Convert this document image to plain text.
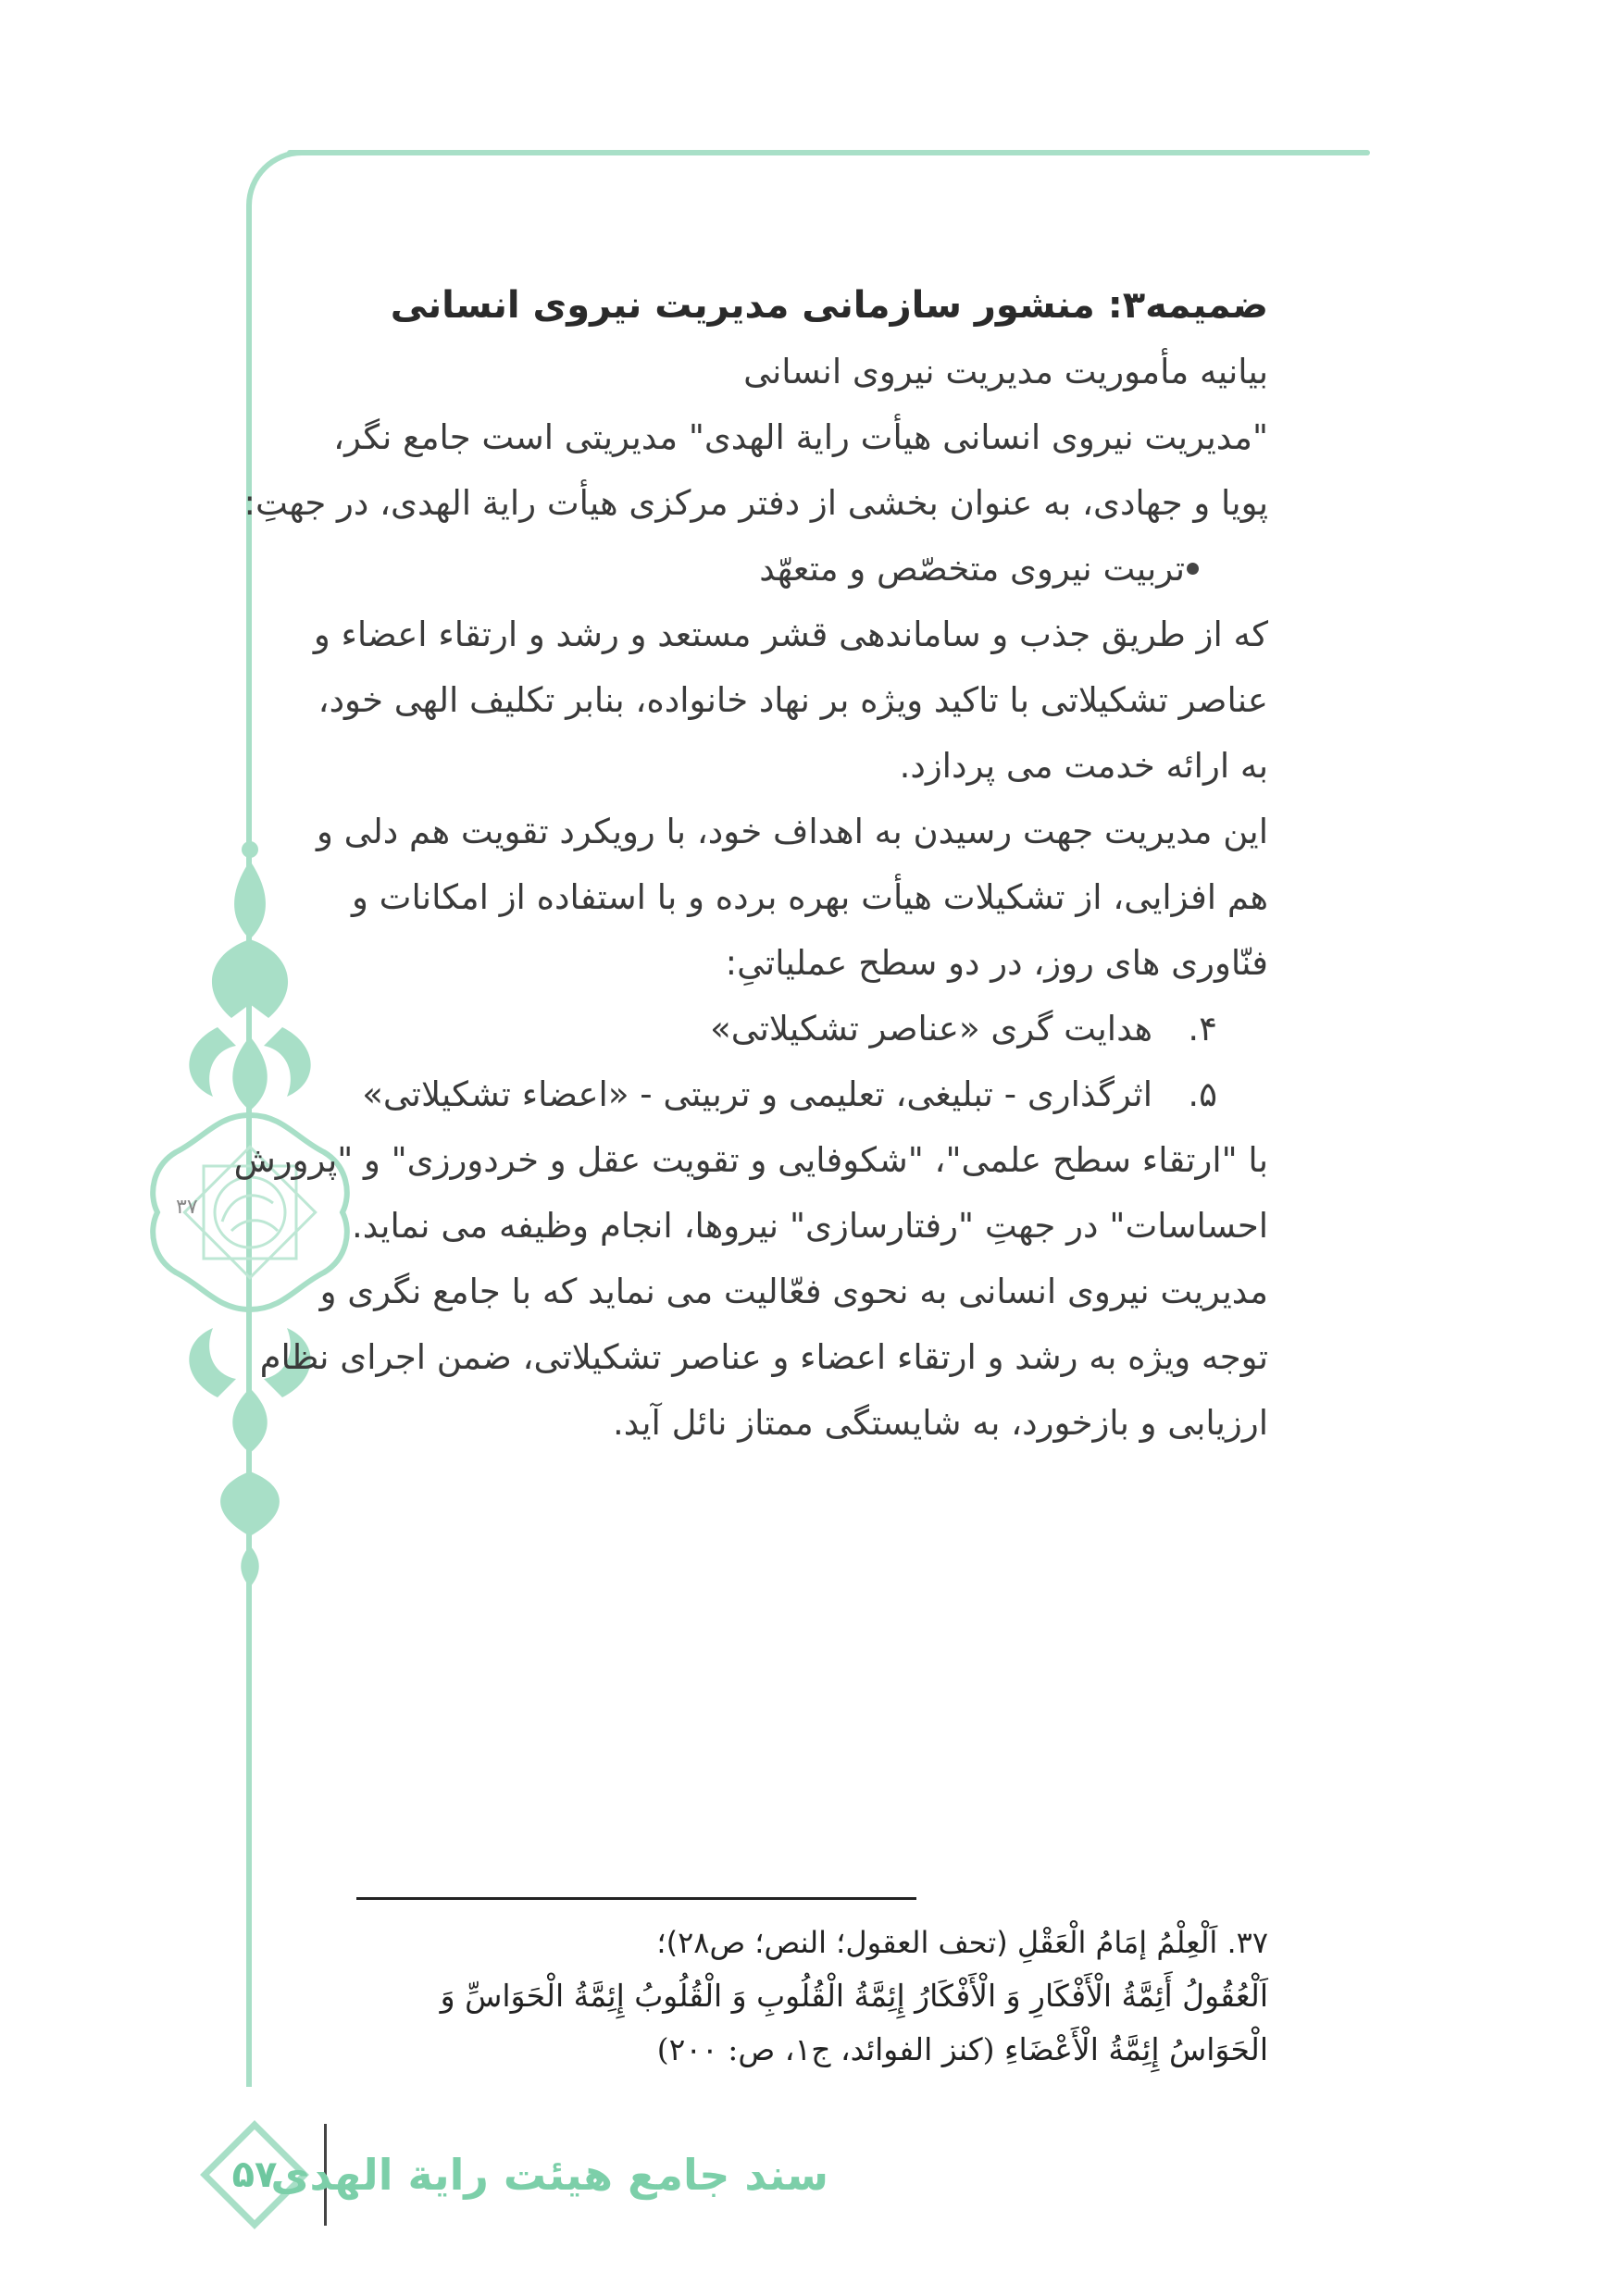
ضمیمه۳: منشور سازمانی مدیریت نیروی انسانی
بیانیه مأموریت مدیریت نیروی انسانی
"مدیریت نیروی انسانی هیأت رایة الهدی" مدیریتی است جامع نگر،
پویا و جهادی، به عنوان بخشی از دفتر مرکزی هیأت رایة الهدی، در جهتِ:
تربیت نیروی متخصّص و متعهّد
که از طریق جذب و ساماندهی قشر مستعد و رشد و ارتقاء اعضاء و
عناصر تشکیلاتی با تاکید ویژه بر نهاد خانواده، بنابر تکلیف الهی خود،
به ارائه خدمت می پردازد.
این مدیریت جهت رسیدن به اهداف خود، با رویکرد تقویت هم دلی و
هم افزایی، از تشکیلات هیأت بهره برده و با استفاده از امکانات و
فنّاوری های روز، در دو سطح عملیاتیِ:
۴.هدایت گری «عناصر تشکیلاتی»
۵.اثرگذاری - تبلیغی، تعلیمی و تربیتی - «اعضاء تشکیلاتی»
با "ارتقاء سطح علمی"، "شکوفایی و تقویت عقل و خردورزی" و "پرورش
احساسات" در جهتِ "رفتارسازی" نیروها، انجام وظیفه می نماید.
مدیریت نیروی انسانی به نحوی فعّالیت می نماید که با جامع نگری و
توجه ویژه به رشد و ارتقاء اعضاء و عناصر تشکیلاتی، ضمن اجرای نظام
ارزیابی و بازخورد، به شایستگی ممتاز نائل آید.
۳۷
۳۷. اَلْعِلْمُ إمَامُ الْعَقْلِ (تحف العقول؛ النص؛ ص۲۸)؛
اَلْعُقُولُ أَئِمَّةُ الْأَفْكَارِ وَ الْأَفْكَارُ إِئِمَّةُ الْقُلُوبِ وَ الْقُلُوبُ إِئِمَّةُ الْحَوَاسِّ وَ
الْحَوَاسُ إِئِمَّةُ الْأَعْضَاءِ (کنز الفوائد، ج۱، ص: ۲۰۰)
۵۷
سند جامع هیئت رایة الهدی
